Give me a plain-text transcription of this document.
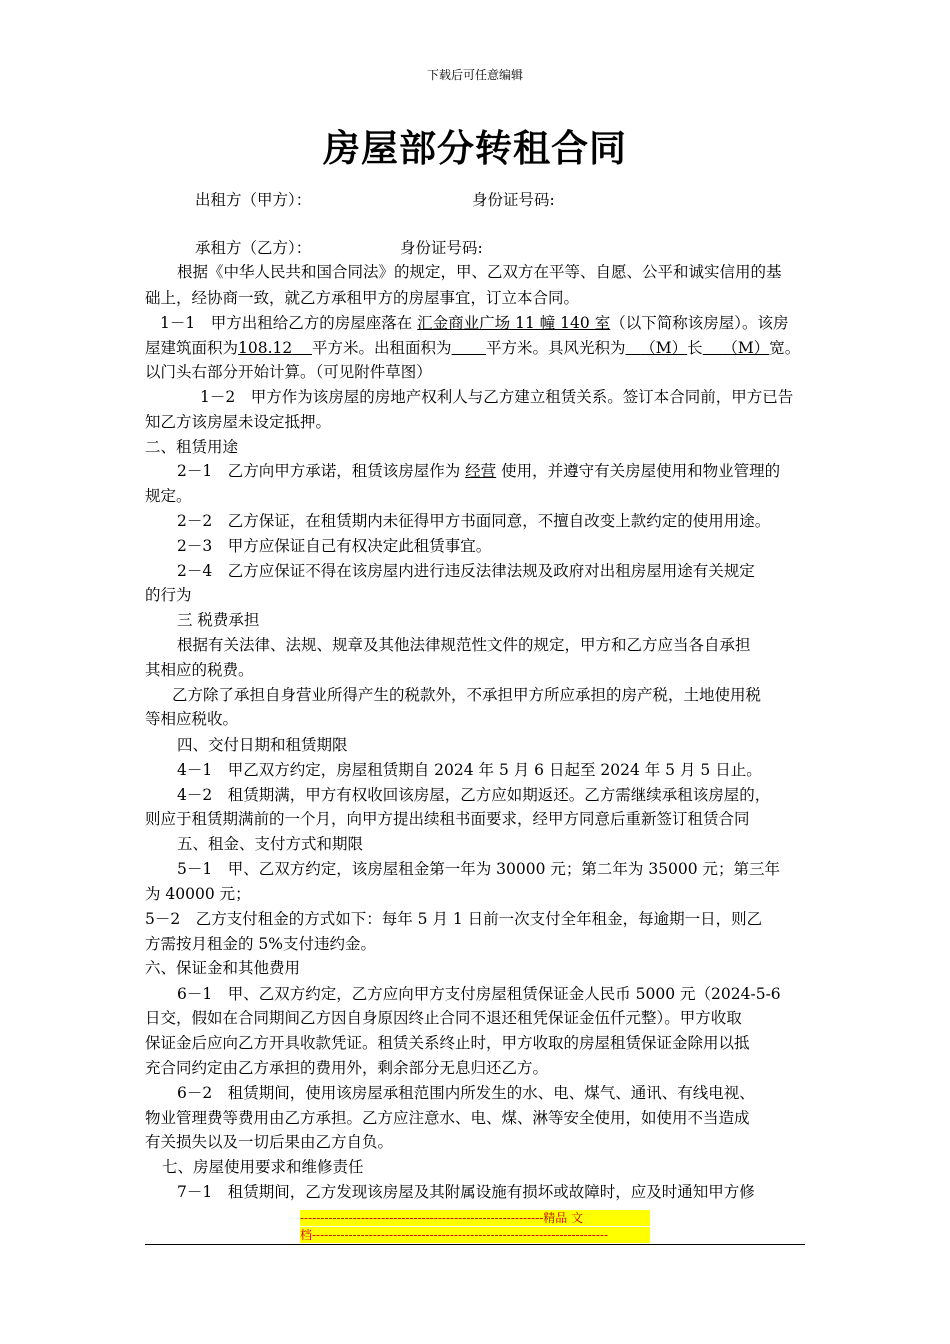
下载后可任意编辑
房屋部分转租合同
出租方（甲方）：	身份证号码:
承租方（乙方）：	身份证号码:
根据《中华人民共和国合同法》的规定，甲、乙双方在平等、自愿、公平和诚实信用的基
础上，经协商一致，就乙方承租甲方的房屋事宜，订立本合同。
1－1　甲方出租给乙方的房屋座落在 汇金商业广场 11 幢 140 室（以下简称该房屋）。该房
屋建筑面积为108.12 平方米。出租面积为 平方米。具风光积为 （M）长 （M）宽。
以门头右部分开始计算。（可见附件草图）
1－2　甲方作为该房屋的房地产权利人与乙方建立租赁关系。签订本合同前，甲方已告
知乙方该房屋未设定抵押。
二、租赁用途
2－1　乙方向甲方承诺，租赁该房屋作为 经营 使用，并遵守有关房屋使用和物业管理的
规定。
2－2　乙方保证，在租赁期内未征得甲方书面同意，不擅自改变上款约定的使用用途。
2－3　甲方应保证自己有权决定此租赁事宜。
2－4　乙方应保证不得在该房屋内进行违反法律法规及政府对出租房屋用途有关规定
的行为
三 税费承担
根据有关法律、法规、规章及其他法律规范性文件的规定，甲方和乙方应当各自承担
其相应的税费。
乙方除了承担自身营业所得产生的税款外，不承担甲方所应承担的房产税，土地使用税
等相应税收。
四、交付日期和租赁期限
4－1　甲乙双方约定，房屋租赁期自 2024 年 5 月 6 日起至 2024 年 5 月 5 日止。
4－2　租赁期满，甲方有权收回该房屋，乙方应如期返还。乙方需继续承租该房屋的，
则应于租赁期满前的一个月，向甲方提出续租书面要求，经甲方同意后重新签订租赁合同
五、租金、支付方式和期限
5－1　甲、乙双方约定，该房屋租金第一年为 30000 元；第二年为 35000 元；第三年
为 40000 元；
5－2　乙方支付租金的方式如下：每年 5 月 1 日前一次支付全年租金，每逾期一日，则乙
方需按月租金的 5%支付违约金。
六、保证金和其他费用
6－1　甲、乙双方约定，乙方应向甲方支付房屋租赁保证金人民币 5000 元（2024-5-6
日交，假如在合同期间乙方因自身原因终止合同不退还租凭保证金伍仟元整）。甲方收取
保证金后应向乙方开具收款凭证。租赁关系终止时，甲方收取的房屋租赁保证金除用以抵
充合同约定由乙方承担的费用外，剩余部分无息归还乙方。
6－2　租赁期间，使用该房屋承租范围内所发生的水、电、煤气、通讯、有线电视、
物业管理费等费用由乙方承担。乙方应注意水、电、煤、淋等安全使用，如使用不当造成
有关损失以及一切后果由乙方自负。
七、房屋使用要求和维修责任
7－1　租赁期间，乙方发现该房屋及其附属设施有损坏或故障时，应及时通知甲方修
------------------------------------------------------------精品 文
档-------------------------------------------------------------------------
